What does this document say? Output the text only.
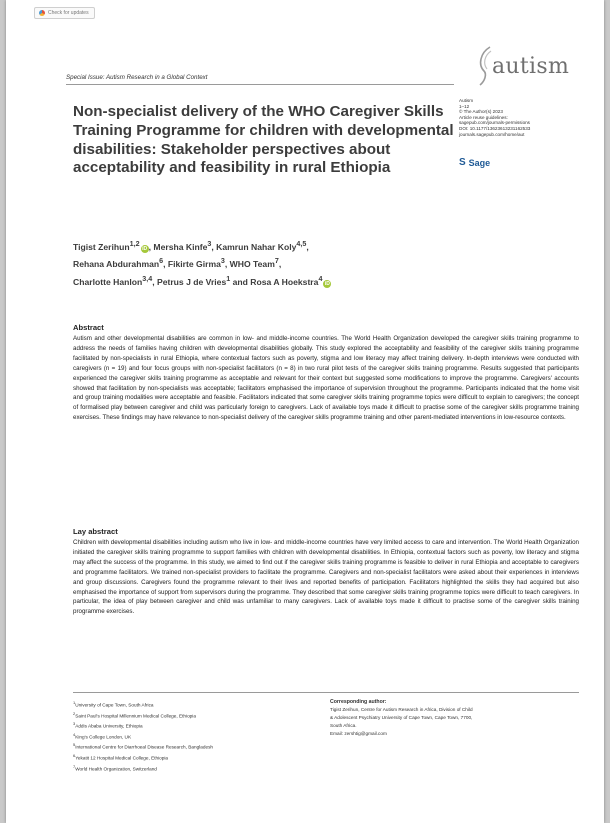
Check for updates
Special Issue: Autism Research in a Global Context	autism
Autism
1–12
© The Author(s) 2023
Article reuse guidelines:
sagepub.com/journals-permissions
DOI: 10.1177/13623613231162533
journals.sagepub.com/home/aut
S Sage
Non-specialist delivery of the WHO Caregiver Skills Training Programme for children with developmental disabilities: Stakeholder perspectives about acceptability and feasibility in rural Ethiopia
Tigist Zerihun$^{1,2}$iD , Mersha Kinfe$^3$, Kamrun Nahar Koly$^{4,5}$,
Rehana Abdurahman$^6$, Fikirte Girma$^3$, WHO Team$^7$,
Charlotte Hanlon$^{3,4}$, Petrus J de Vries$^1$ and Rosa A Hoekstra$^4$iD
Abstract
Autism and other developmental disabilities are common in low- and middle-income countries. The World Health Organization developed the caregiver skills training programme to address the needs of families having children with developmental disabilities globally. This study explored the acceptability and feasibility of the caregiver skills training programme facilitated by non-specialists in rural Ethiopia, where contextual factors such as poverty, stigma and low literacy may affect training delivery. In-depth interviews were conducted with caregivers (n = 19) and four focus groups with non-specialist facilitators (n = 8) in two rural pilot tests of the caregiver skills training programme. Results suggested that participants experienced the caregiver skills training programme as acceptable and relevant for their context but suggested some modifications to improve the programme. Caregivers' accounts showed that facilitation by non-specialists was acceptable; facilitators emphasised the importance of supervision throughout the programme. Participants indicated that the home visit and group training modalities were acceptable and feasible. Facilitators indicated that some caregiver skills training programme topics were difficult to explain to caregivers; the concept of formalised play between caregiver and child was particularly foreign to caregivers. Lack of available toys made it difficult to practise some of the caregiver skills programme training exercises. These findings may have relevance to non-specialist delivery of the caregiver skills programme training and other parent-mediated interventions in low-resource contexts.
Lay abstract
Children with developmental disabilities including autism who live in low- and middle-income countries have very limited access to care and intervention. The World Health Organization initiated the caregiver skills training programme to support families with children with developmental disabilities. In Ethiopia, contextual factors such as poverty, low literacy and stigma may affect the success of the programme. In this study, we aimed to find out if the caregiver skills training programme is feasible to deliver in rural Ethiopia and acceptable to caregivers and programme facilitators. We trained non-specialist providers to facilitate the programme. Caregivers and non-specialist facilitators were asked about their experiences in interviews and group discussions. Caregivers found the programme relevant to their lives and reported benefits of participation. Facilitators highlighted the skills they had acquired but also emphasised the importance of support from supervisors during the programme. They described that some caregiver skills training programme topics were difficult to teach caregivers. In particular, the idea of play between caregiver and child was unfamiliar to many caregivers. Lack of available toys made it difficult to practise some of the caregiver skills training programme exercises.
$^1$University of Cape Town, South Africa
$^2$Saint Paul's Hospital Millennium Medical College, Ethiopia
$^3$Addis Ababa University, Ethiopia
$^4$King's College London, UK
$^5$International Centre for Diarrhoeal Disease Research, Bangladesh
$^6$Yekatit 12 Hospital Medical College, Ethiopia
$^7$World Health Organization, Switzerland
Corresponding author:
Tigist Zerihun, Centre for Autism Research in Africa, Division of Child
& Adolescent Psychiatry University of Cape Town, Cape Town, 7700,
South Africa.
Email: zershtig@gmail.com
